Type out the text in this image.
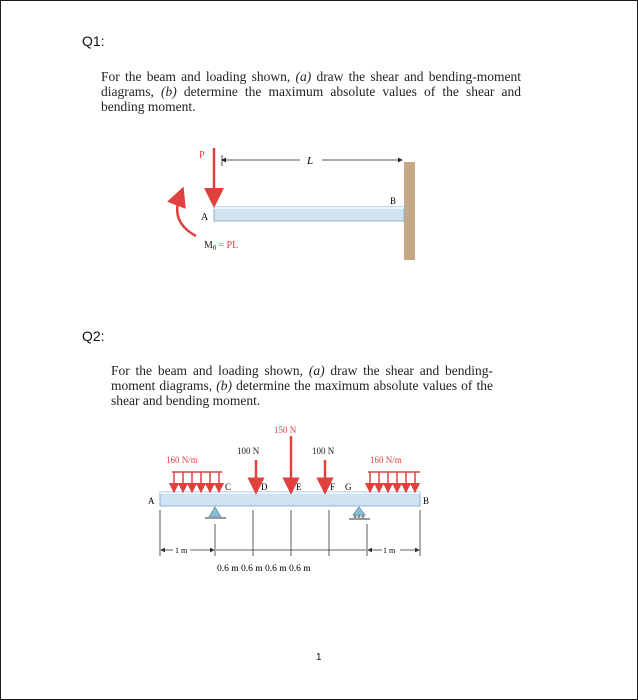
Q1:
For the beam and loading shown, (a) draw the shear and bending-moment diagrams, (b) determine the maximum absolute values of the shear and bending moment.
P	L
A
B
$M_0$ = PL
Q2:
For the beam and loading shown, (a) draw the shear and bending-moment diagrams, (b) determine the maximum absolute values of the shear and bending moment.
160 N/m	160 N/m
100 N
150 N
100 N
A
C	D	E	F G
B
1 m
0.6 m 0.6 m 0.6 m 0.6 m
1 m
1
